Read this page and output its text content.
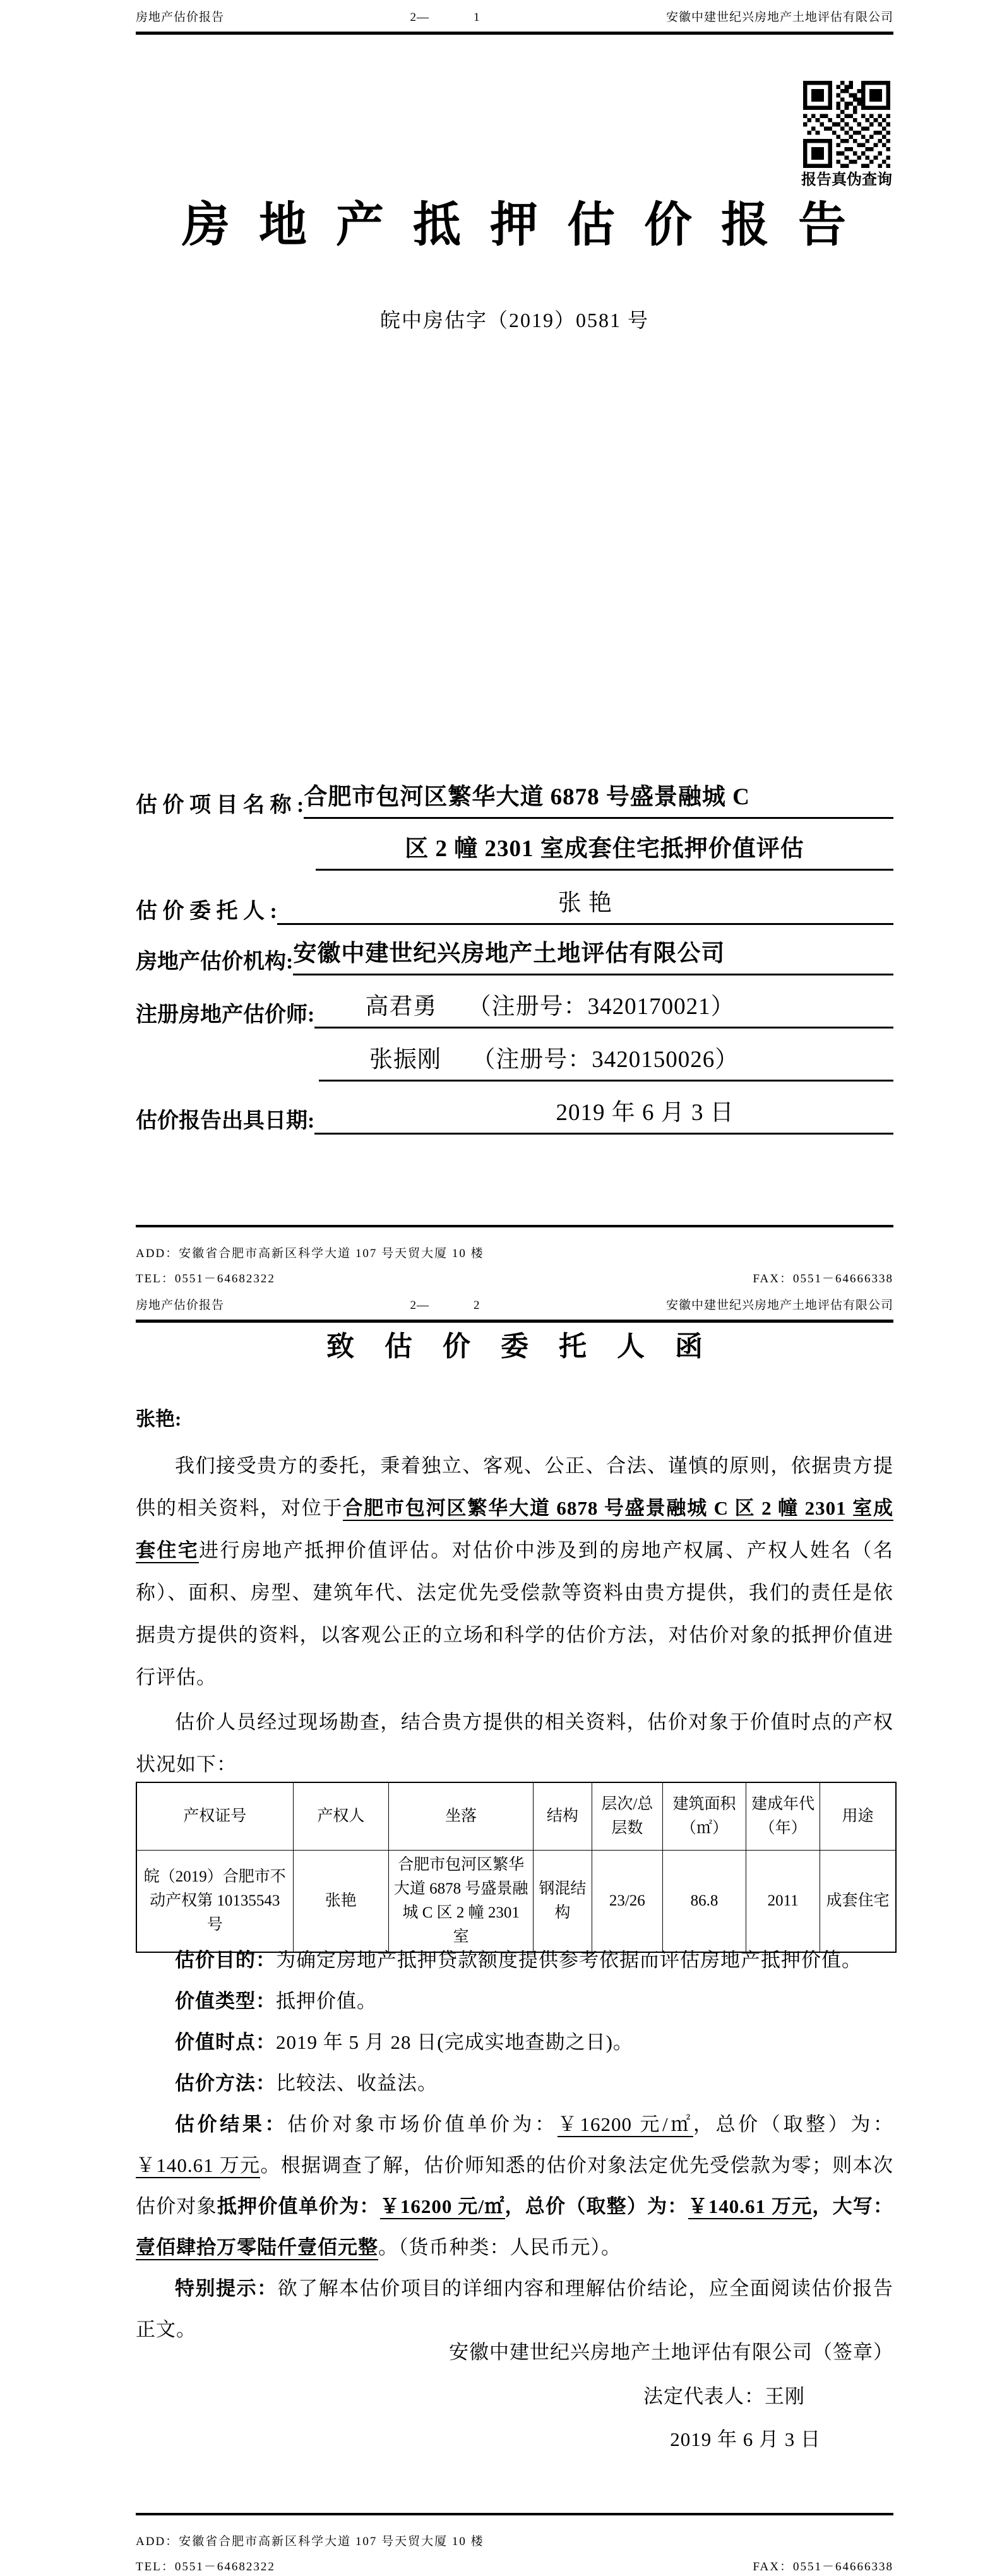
房地产估价报告	2—	1	安徽中建世纪兴房地产土地评估有限公司
报告真伪查询
房地产抵押估价报告
皖中房估字（2019）0581 号
估 价 项 目 名 称 : 合肥市包河区繁华大道 6878 号盛景融城 C
区 2 幢 2301 室成套住宅抵押价值评估
估 价 委 托 人 :	张 艳
房地产估价机构: 安徽中建世纪兴房地产土地评估有限公司
注册房地产估价师:	高君勇　 （注册号：3420170021）
张振刚　 （注册号：3420150026）
估价报告出具日期:	2019 年 6 月 3 日
ADD：安徽省合肥市高新区科学大道 107 号天贸大厦 10 楼
TEL：0551－64682322	FAX：0551－64666338
房地产估价报告	2—	2	安徽中建世纪兴房地产土地评估有限公司
致估价委托人函
张艳:

我们接受贵方的委托，秉着独立、客观、公正、合法、谨慎的原则，依据贵方提供的相关资料，对位于合肥市包河区繁华大道 6878 号盛景融城 C 区 2 幢 2301 室成套住宅进行房地产抵押价值评估。对估价中涉及到的房地产权属、产权人姓名（名称）、面积、房型、建筑年代、法定优先受偿款等资料由贵方提供，我们的责任是依据贵方提供的资料，以客观公正的立场和科学的估价方法，对估价对象的抵押价值进行评估。

估价人员经过现场勘查，结合贵方提供的相关资料，估价对象于价值时点的产权状况如下：

产权证号	产权人	坐落	结构	层次/总层数	建筑面积（㎡）	建成年代（年）	用途
皖（2019）合肥市不动产权第 10135543 号	张艳	合肥市包河区繁华大道 6878 号盛景融城 C 区 2 幢 2301 室	钢混结构	23/26	86.8	2011	成套住宅

估价目的：为确定房地产抵押贷款额度提供参考依据而评估房地产抵押价值。

价值类型：抵押价值。

价值时点：2019 年 5 月 28 日(完成实地查勘之日)。

估价方法：比较法、收益法。

估价结果：估价对象市场价值单价为：￥16200 元/㎡，总价（取整）为：￥140.61 万元。根据调查了解，估价师知悉的估价对象法定优先受偿款为零；则本次估价对象抵押价值单价为：￥16200 元/㎡，总价（取整）为：￥140.61 万元，大写：壹佰肆拾万零陆仟壹佰元整。（货币种类：人民币元）。

特别提示：欲了解本估价项目的详细内容和理解估价结论，应全面阅读估价报告正文。

安徽中建世纪兴房地产土地评估有限公司（签章）
法定代表人：王刚
2019 年 6 月 3 日
ADD：安徽省合肥市高新区科学大道 107 号天贸大厦 10 楼
TEL：0551－64682322	FAX：0551－64666338
